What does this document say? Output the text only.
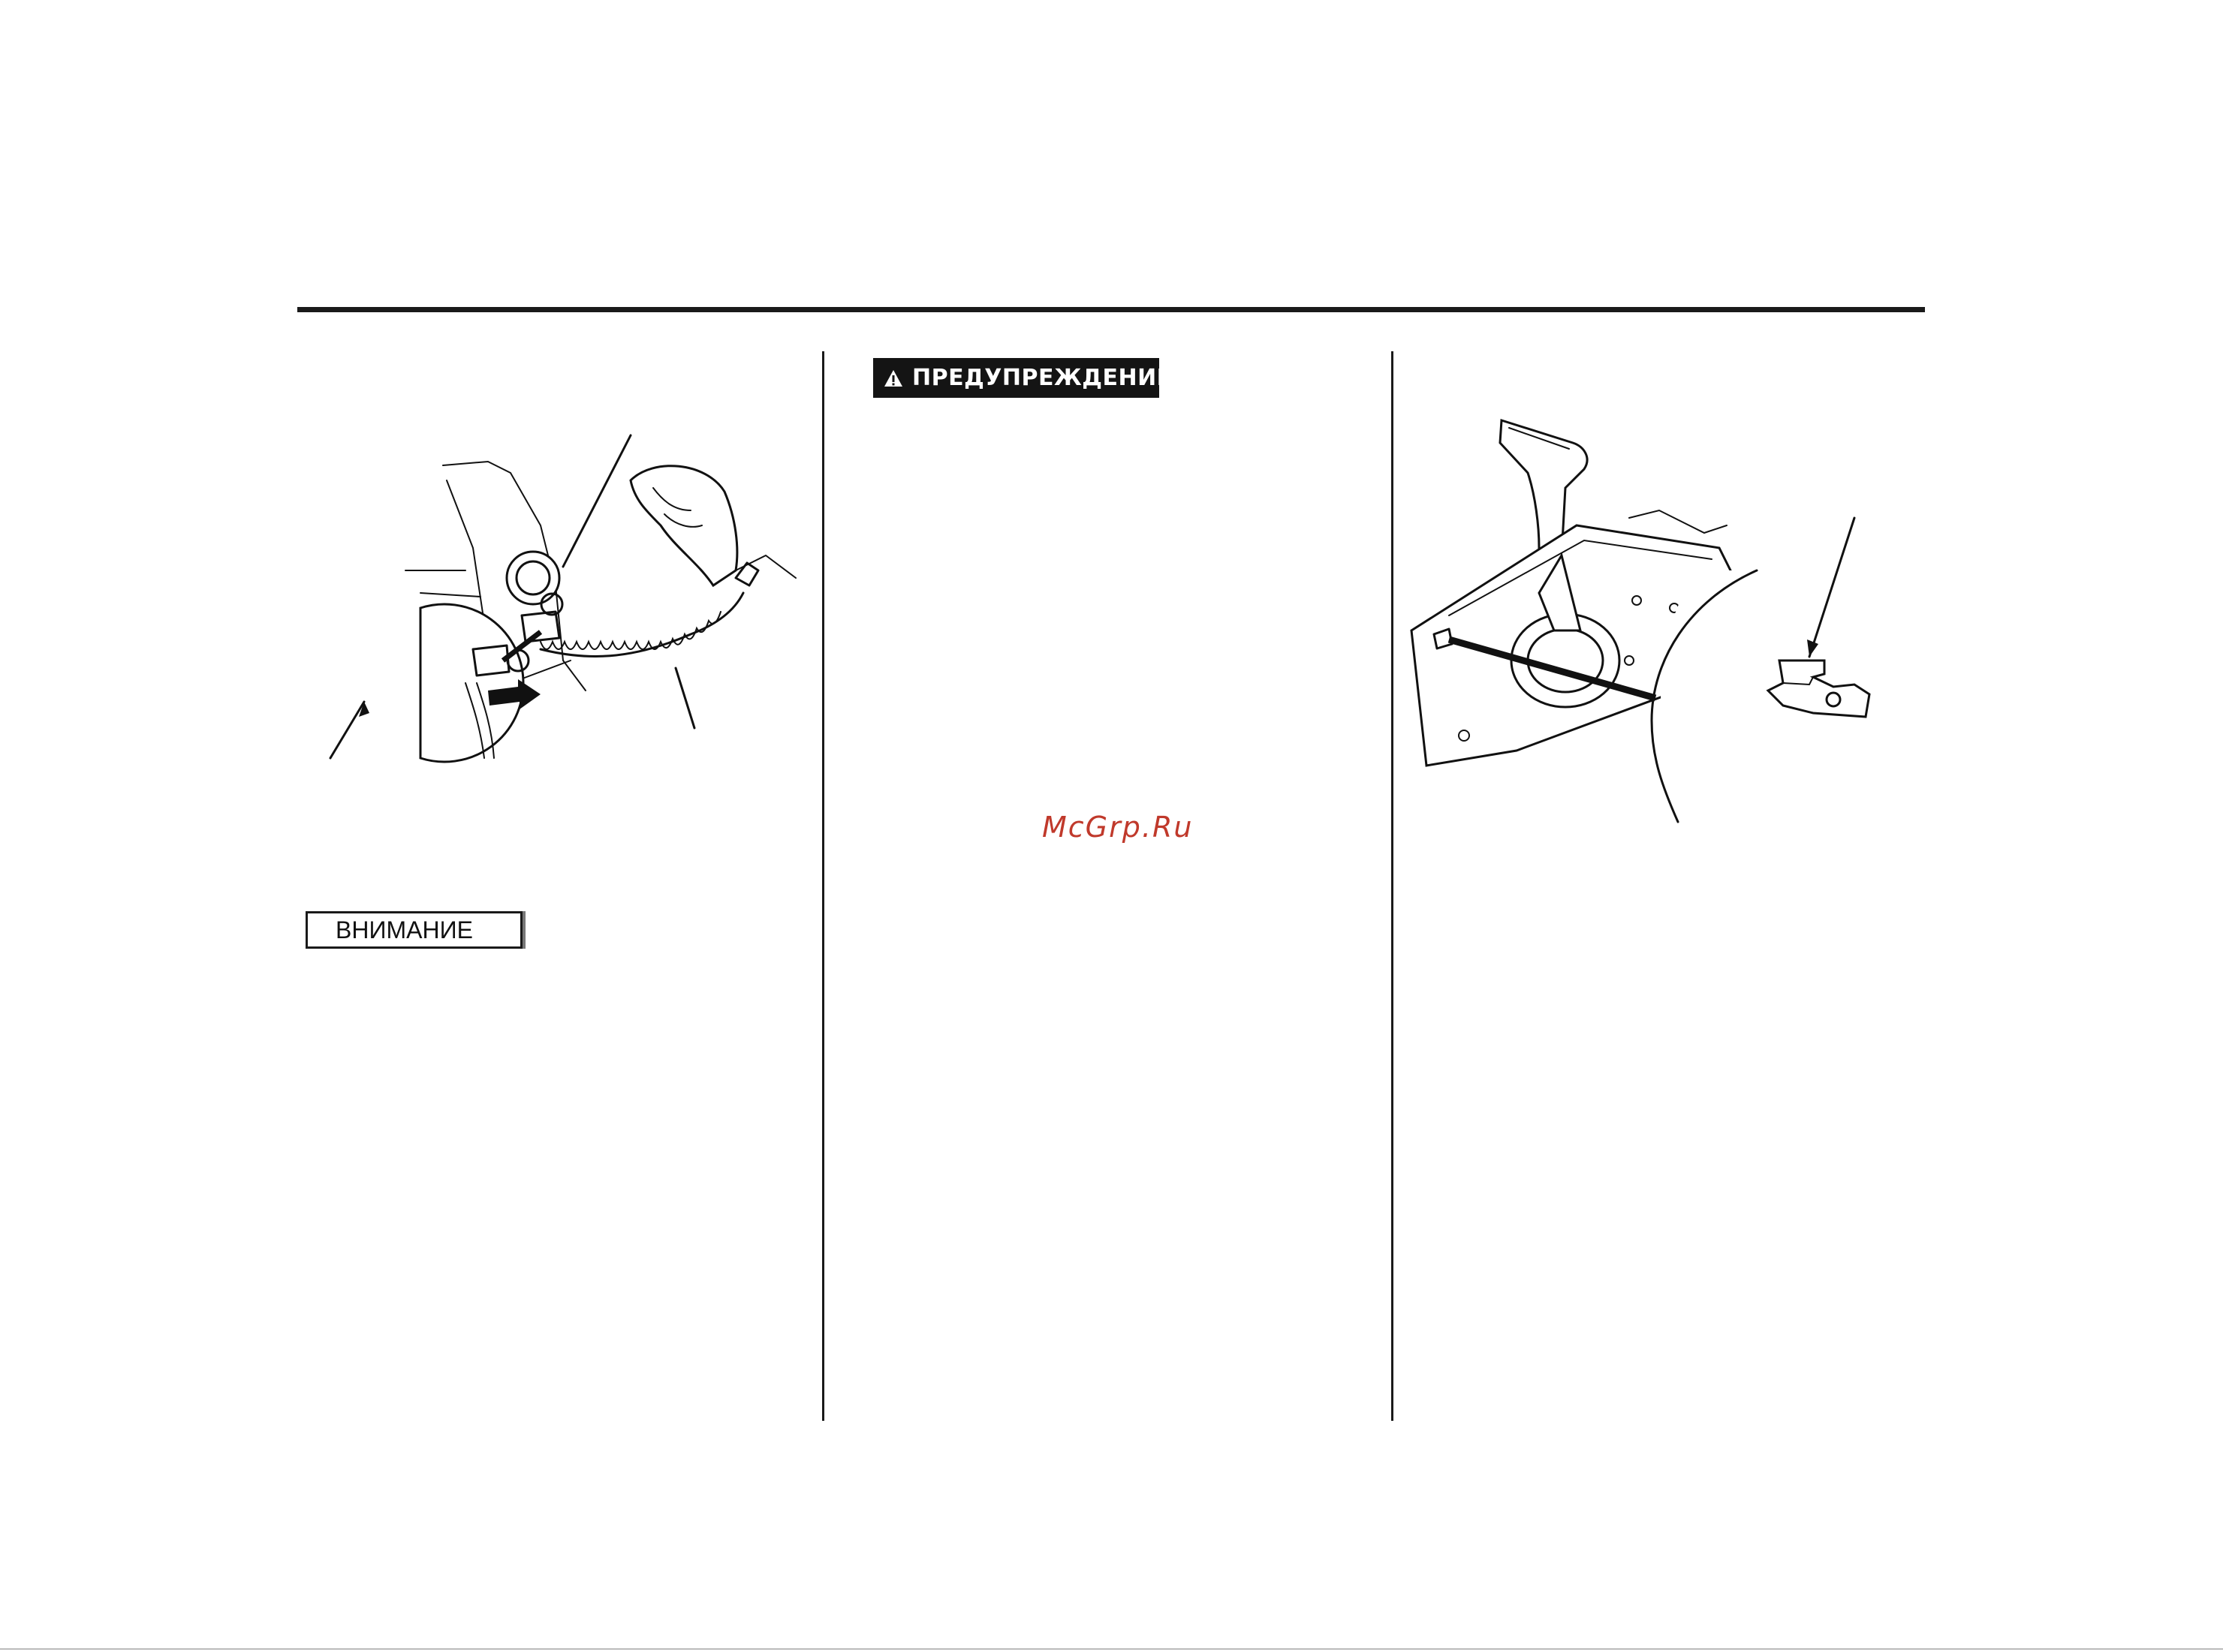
ПРЕДУПРЕЖДЕНИЕ
ВНИМАНИЕ
McGrp.Ru
